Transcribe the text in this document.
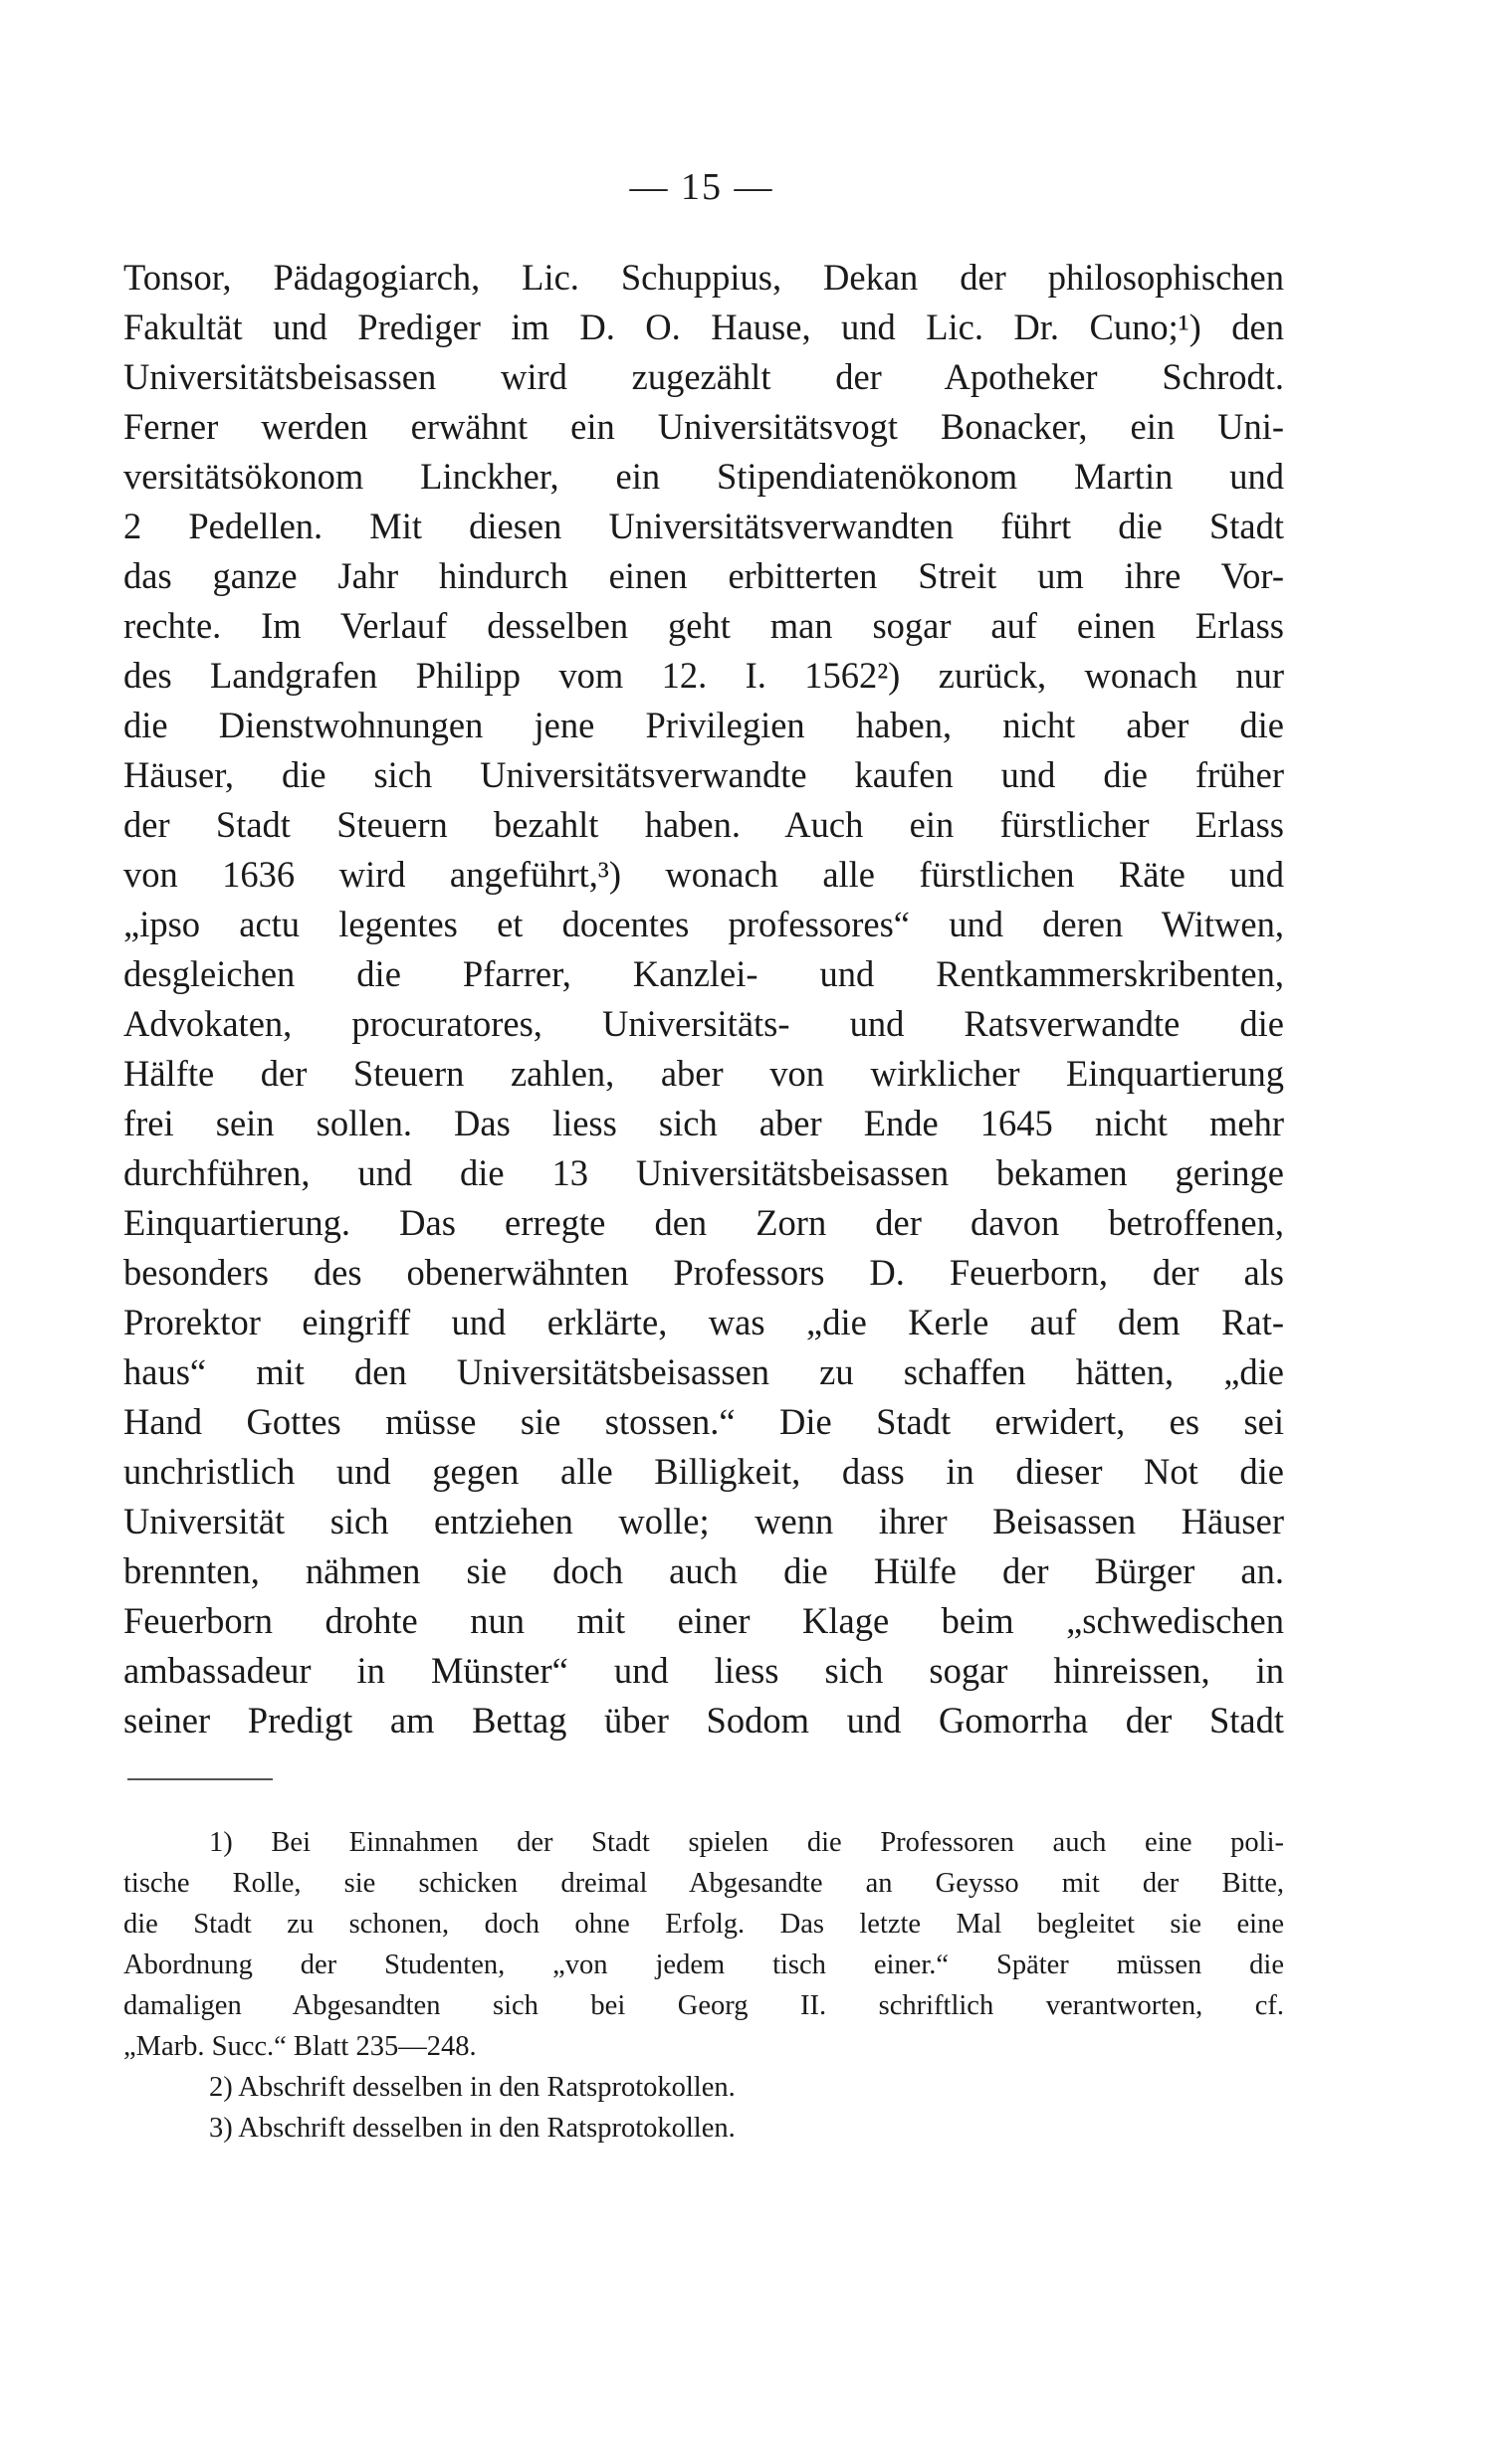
— 15 —
Tonsor, Pädagogiarch, Lic. Schuppius, Dekan der philosophischen
Fakultät und Prediger im D. O. Hause, und Lic. Dr. Cuno;¹) den
Universitätsbeisassen wird zugezählt der Apotheker Schrodt.
Ferner werden erwähnt ein Universitätsvogt Bonacker, ein Uni-
versitätsökonom Linckher, ein Stipendiatenökonom Martin und
2 Pedellen. Mit diesen Universitätsverwandten führt die Stadt
das ganze Jahr hindurch einen erbitterten Streit um ihre Vor-
rechte. Im Verlauf desselben geht man sogar auf einen Erlass
des Landgrafen Philipp vom 12. I. 1562²) zurück, wonach nur
die Dienstwohnungen jene Privilegien haben, nicht aber die
Häuser, die sich Universitätsverwandte kaufen und die früher
der Stadt Steuern bezahlt haben. Auch ein fürstlicher Erlass
von 1636 wird angeführt,³) wonach alle fürstlichen Räte und
„ipso actu legentes et docentes professores“ und deren Witwen,
desgleichen die Pfarrer, Kanzlei- und Rentkammerskribenten,
Advokaten, procuratores, Universitäts- und Ratsverwandte die
Hälfte der Steuern zahlen, aber von wirklicher Einquartierung
frei sein sollen. Das liess sich aber Ende 1645 nicht mehr
durchführen, und die 13 Universitätsbeisassen bekamen geringe
Einquartierung. Das erregte den Zorn der davon betroffenen,
besonders des obenerwähnten Professors D. Feuerborn, der als
Prorektor eingriff und erklärte, was „die Kerle auf dem Rat-
haus“ mit den Universitätsbeisassen zu schaffen hätten, „die
Hand Gottes müsse sie stossen.“ Die Stadt erwidert, es sei
unchristlich und gegen alle Billigkeit, dass in dieser Not die
Universität sich entziehen wolle; wenn ihrer Beisassen Häuser
brennten, nähmen sie doch auch die Hülfe der Bürger an.
Feuerborn drohte nun mit einer Klage beim „schwedischen
ambassadeur in Münster“ und liess sich sogar hinreissen, in
seiner Predigt am Bettag über Sodom und Gomorrha der Stadt
1) Bei Einnahmen der Stadt spielen die Professoren auch eine poli-
tische Rolle, sie schicken dreimal Abgesandte an Geysso mit der Bitte,
die Stadt zu schonen, doch ohne Erfolg. Das letzte Mal begleitet sie eine
Abordnung der Studenten, „von jedem tisch einer.“ Später müssen die
damaligen Abgesandten sich bei Georg II. schriftlich verantworten, cf.
„Marb. Succ.“ Blatt 235—248.
2) Abschrift desselben in den Ratsprotokollen.
3) Abschrift desselben in den Ratsprotokollen.
